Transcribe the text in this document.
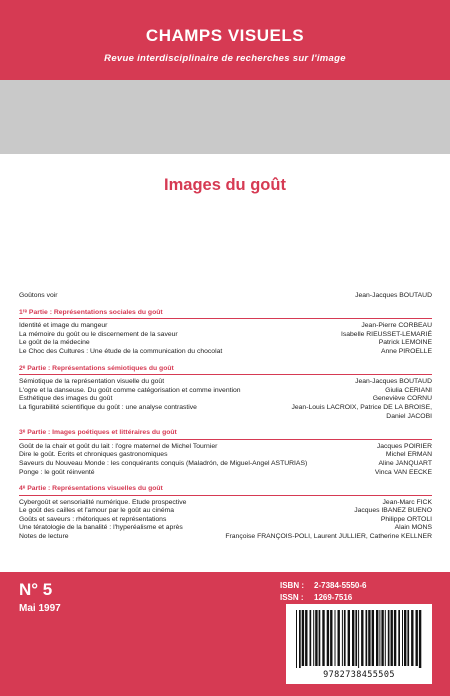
CHAMPS VISUELS
Revue interdisciplinaire de recherches sur l'image
Images du goût
Goûtons voir	Jean-Jacques BOUTAUD
1ʳᵉ Partie : Représentations sociales du goût
Identité et image du mangeur	Jean-Pierre CORBEAU
La mémoire du goût ou le discernement de la saveur	Isabelle RIEUSSET-LEMARIÉ
Le goût de la médecine	Patrick LEMOINE
Le Choc des Cultures : Une étude de la communication du chocolat	Anne PIROELLE
2ᵉ Partie : Représentations sémiotiques du goût
Sémiotique de la représentation visuelle du goût	Jean-Jacques BOUTAUD
L'ogre et la danseuse. Du goût comme catégorisation et comme invention	Giulia CERIANI
Esthétique des images du goût	Geneviève CORNU
La figurabilité scientifique du goût : une analyse contrastive	Jean-Louis LACROIX, Patrice DE LA BROISE,
Daniel JACOBI
3ᵉ Partie : Images poétiques et littéraires du goût
Goût de la chair et goût du lait : l'ogre maternel de Michel Tournier	Jacques POIRIER
Dire le goût. Écrits et chroniques gastronomiques	Michel ERMAN
Saveurs du Nouveau Monde : les conquérants conquis (Maladrón, de Miguel-Angel ASTURIAS)	Aline JANQUART
Ponge : le goût réinventé	Vinca VAN EECKE
4ᵉ Partie : Représentations visuelles du goût
Cybergoût et sensorialité numérique. Étude prospective	Jean-Marc FICK
Le goût des cailles et l'amour par le goût au cinéma	Jacques IBANEZ BUENO
Goûts et saveurs : rhétoriques et représentations	Philippe ORTOLI
Une tératologie de la banalité : l'hyperéalisme et après	Alain MONS
Notes de lecture	Françoise FRANÇOIS-POLI, Laurent JULLIER, Catherine KELLNER
N° 5
Mai 1997
ISBN :	2-7384-5550-6
ISSN :	1269-7516
9782738455505
